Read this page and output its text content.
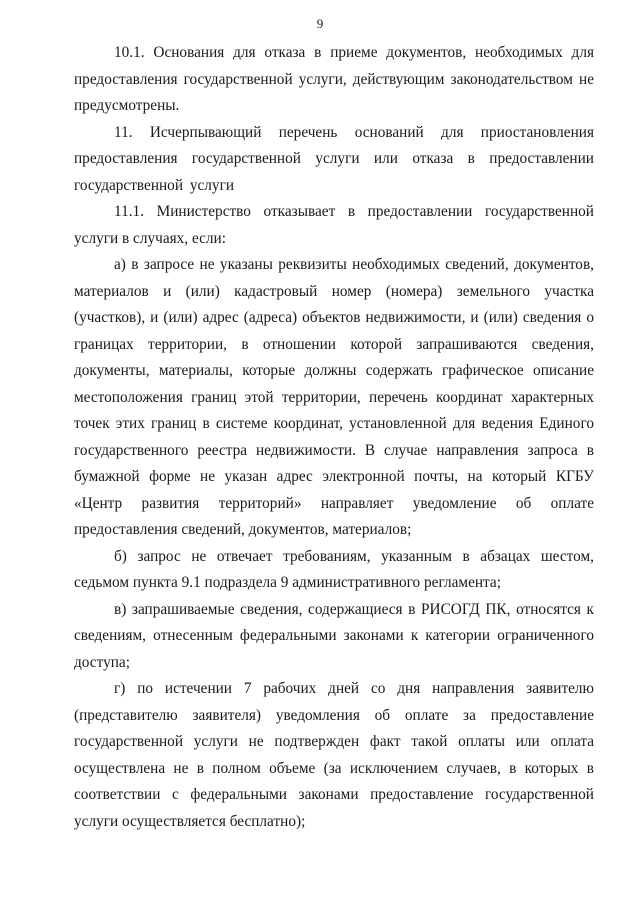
9

10.1. Основания для отказа в приеме документов, необходимых для предоставления государственной услуги, действующим законодательством не предусмотрены.

11. Исчерпывающий перечень оснований для приостановления предоставления государственной услуги или отказа в предоставлении государственной услуги

11.1. Министерство отказывает в предоставлении государственной услуги в случаях, если:

а) в запросе не указаны реквизиты необходимых сведений, документов, материалов и (или) кадастровый номер (номера) земельного участка (участков), и (или) адрес (адреса) объектов недвижимости, и (или) сведения о границах территории, в отношении которой запрашиваются сведения, документы, материалы, которые должны содержать графическое описание местоположения границ этой территории, перечень координат характерных точек этих границ в системе координат, установленной для ведения Единого государственного реестра недвижимости. В случае направления запроса в бумажной форме не указан адрес электронной почты, на который КГБУ «Центр развития территорий» направляет уведомление об оплате предоставления сведений, документов, материалов;

б) запрос не отвечает требованиям, указанным в абзацах шестом, седьмом пункта 9.1 подраздела 9 административного регламента;

в) запрашиваемые сведения, содержащиеся в РИСОГД ПК, относятся к сведениям, отнесенным федеральными законами к категории ограниченного доступа;

г) по истечении 7 рабочих дней со дня направления заявителю (представителю заявителя) уведомления об оплате за предоставление государственной услуги не подтвержден факт такой оплаты или оплата осуществлена не в полном объеме (за исключением случаев, в которых в соответствии с федеральными законами предоставление государственной услуги осуществляется бесплатно);
